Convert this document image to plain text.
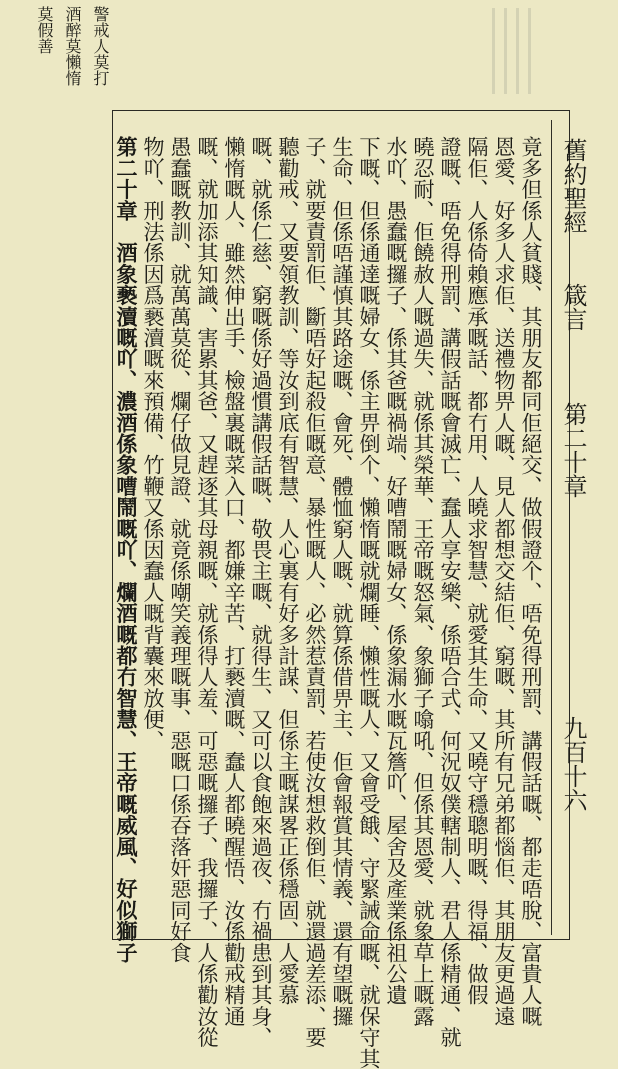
警戒人莫打
酒醉莫懶惰
莫假善
舊約聖經
箴言
第二十章
九百十六
竟多但係人貧賤、其朋友都同佢絕交、做假證个、唔免得刑罰、講假話嘅、都走唔脫、富貴人嘅
恩愛、好多人求佢、送禮物畀人嘅、見人都想交結佢、窮嘅、其所有兄弟都惱佢、其朋友更過遠
隔佢、人係倚賴應承嘅話、都冇用、人曉求智慧、就愛其生命、又曉守穩聰明嘅、得福、做假
證嘅、唔免得刑罰、講假話嘅會滅亡、蠢人享安樂、係唔合式、何況奴僕轄制人、君人係精通、就
曉忍耐、佢饒赦人嘅過失、就係其榮華、王帝嘅怒氣、象獅子噏吼、但係其恩愛、就象草上嘅露
水吖、愚蠢嘅攞子、係其爸嘅禍端、好嘈鬧嘅婦女、係象漏水嘅瓦簷吖、屋舍及產業係祖公遺
下嘅、但係通達嘅婦女、係主畀倒个、懶惰嘅就爛睡、懶性嘅人、又會受餓、守緊誡命嘅、就保守其
生命、但係唔謹慎其路途嘅、會死、體恤窮人嘅、就算係借畀主、佢會報賞其情義、還有望嘅攞
子、就要責罰佢、斷唔好起殺佢嘅意、暴性嘅人、必然惹責罰、若使汝想救倒佢、就還過差添、要
聽勸戒、又要領教訓、等汝到底有智慧、人心裏有好多計謀、但係主嘅謀畧正係穩固、人愛慕
嘅、就係仁慈、窮嘅係好過慣講假話嘅、敬畏主嘅、就得生、又可以食飽來過夜、冇禍患到其身、
懶惰嘅人、雖然伸出手、檢盤裏嘅菜入口、都嫌辛苦、打褻瀆嘅、蠢人都曉醒悟、汝係勸戒精通
嘅、就加添其知識、害累其爸、又趕逐其母親嘅、就係得人羞、可惡嘅攞子、我攞子、人係勸汝從
愚蠢嘅教訓、就萬萬莫從、爛仔做見證、就竟係嘲笑義理嘅事、惡嘅口係吞落奸惡同好食
物吖、刑法係因爲褻瀆嘅來預備、竹鞭又係因蠢人嘅背囊來放便、
第二十章　酒象褻瀆嘅吖、濃酒係象嘈鬧嘅吖、爛酒嘅都冇智慧、王帝嘅威風、好似獅子
